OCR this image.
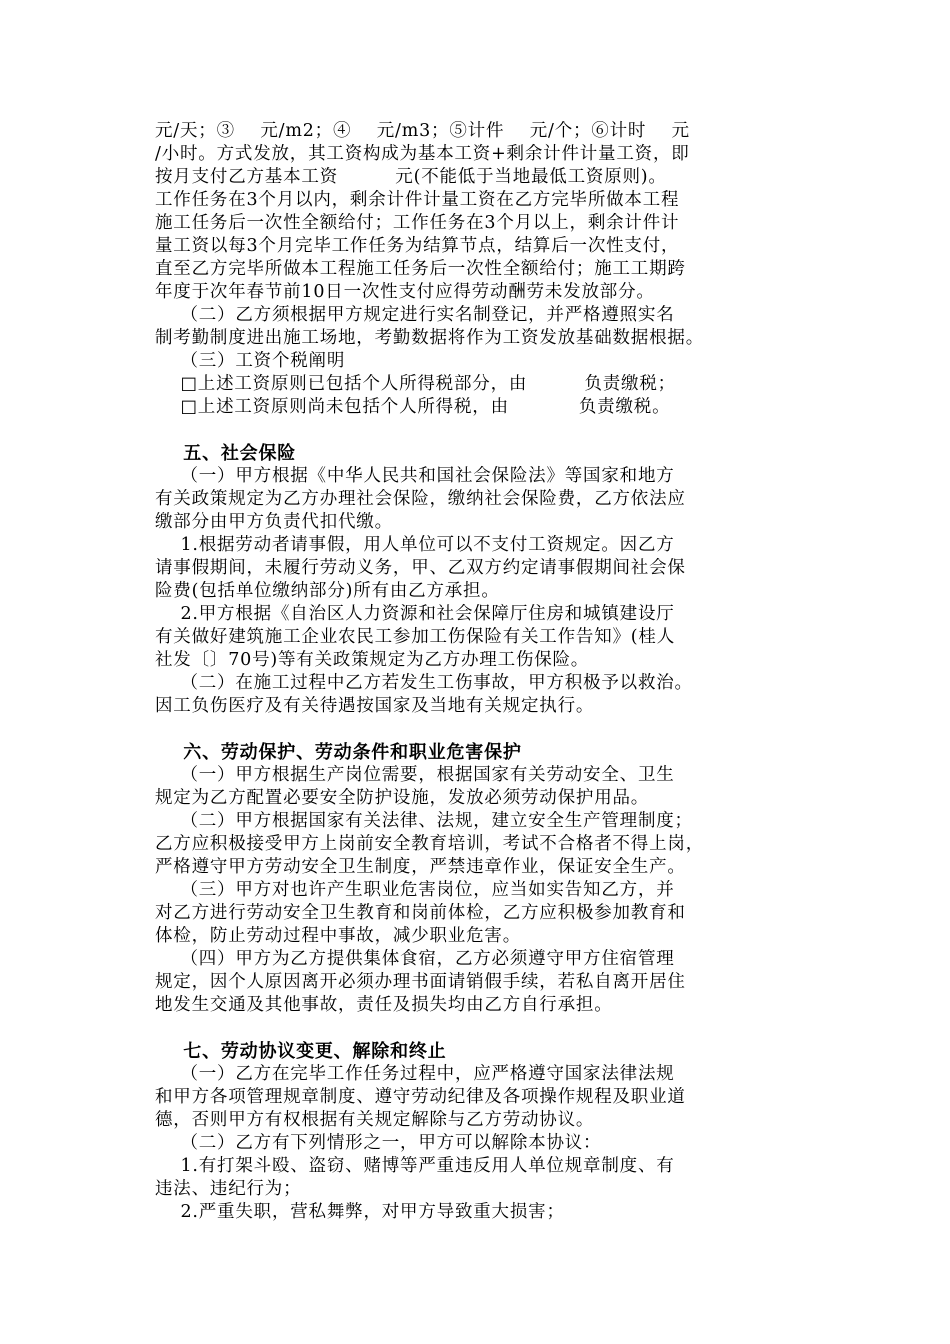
元/天；③    元/m2；④    元/m3；⑤计件    元/个；⑥计时    元
/小时。方式发放，其工资构成为基本工资+剩余计件计量工资，即
按月支付乙方基本工资         元(不能低于当地最低工资原则)。
工作任务在3个月以内，剩余计件计量工资在乙方完毕所做本工程
施工任务后一次性全额给付；工作任务在3个月以上，剩余计件计
量工资以每3个月完毕工作任务为结算节点，结算后一次性支付，
直至乙方完毕所做本工程施工任务后一次性全额给付；施工工期跨
年度于次年春节前10日一次性支付应得劳动酬劳未发放部分。
（二）乙方须根据甲方规定进行实名制登记，并严格遵照实名
制考勤制度进出施工场地，考勤数据将作为工资发放基础数据根据。
（三）工资个税阐明
□上述工资原则已包括个人所得税部分，由         负责缴税；
□上述工资原则尚未包括个人所得税，由           负责缴税。
五、社会保险
（一）甲方根据《中华人民共和国社会保险法》等国家和地方
有关政策规定为乙方办理社会保险，缴纳社会保险费，乙方依法应
缴部分由甲方负责代扣代缴。
1.根据劳动者请事假，用人单位可以不支付工资规定。因乙方
请事假期间，未履行劳动义务，甲、乙双方约定请事假期间社会保
险费(包括单位缴纳部分)所有由乙方承担。
2.甲方根据《自治区人力资源和社会保障厅住房和城镇建设厅
有关做好建筑施工企业农民工参加工伤保险有关工作告知》(桂人
社发〔〕70号)等有关政策规定为乙方办理工伤保险。
（二）在施工过程中乙方若发生工伤事故，甲方积极予以救治。
因工负伤医疗及有关待遇按国家及当地有关规定执行。
六、劳动保护、劳动条件和职业危害保护
（一）甲方根据生产岗位需要，根据国家有关劳动安全、卫生
规定为乙方配置必要安全防护设施，发放必须劳动保护用品。
（二）甲方根据国家有关法律、法规，建立安全生产管理制度；
乙方应积极接受甲方上岗前安全教育培训，考试不合格者不得上岗，
严格遵守甲方劳动安全卫生制度，严禁违章作业，保证安全生产。
（三）甲方对也许产生职业危害岗位，应当如实告知乙方，并
对乙方进行劳动安全卫生教育和岗前体检，乙方应积极参加教育和
体检，防止劳动过程中事故，减少职业危害。
（四）甲方为乙方提供集体食宿，乙方必须遵守甲方住宿管理
规定，因个人原因离开必须办理书面请销假手续，若私自离开居住
地发生交通及其他事故，责任及损失均由乙方自行承担。
七、劳动协议变更、解除和终止
（一）乙方在完毕工作任务过程中，应严格遵守国家法律法规
和甲方各项管理规章制度、遵守劳动纪律及各项操作规程及职业道
德，否则甲方有权根据有关规定解除与乙方劳动协议。
（二）乙方有下列情形之一，甲方可以解除本协议：
1.有打架斗殴、盗窃、赌博等严重违反用人单位规章制度、有
违法、违纪行为；
2.严重失职，营私舞弊，对甲方导致重大损害；
